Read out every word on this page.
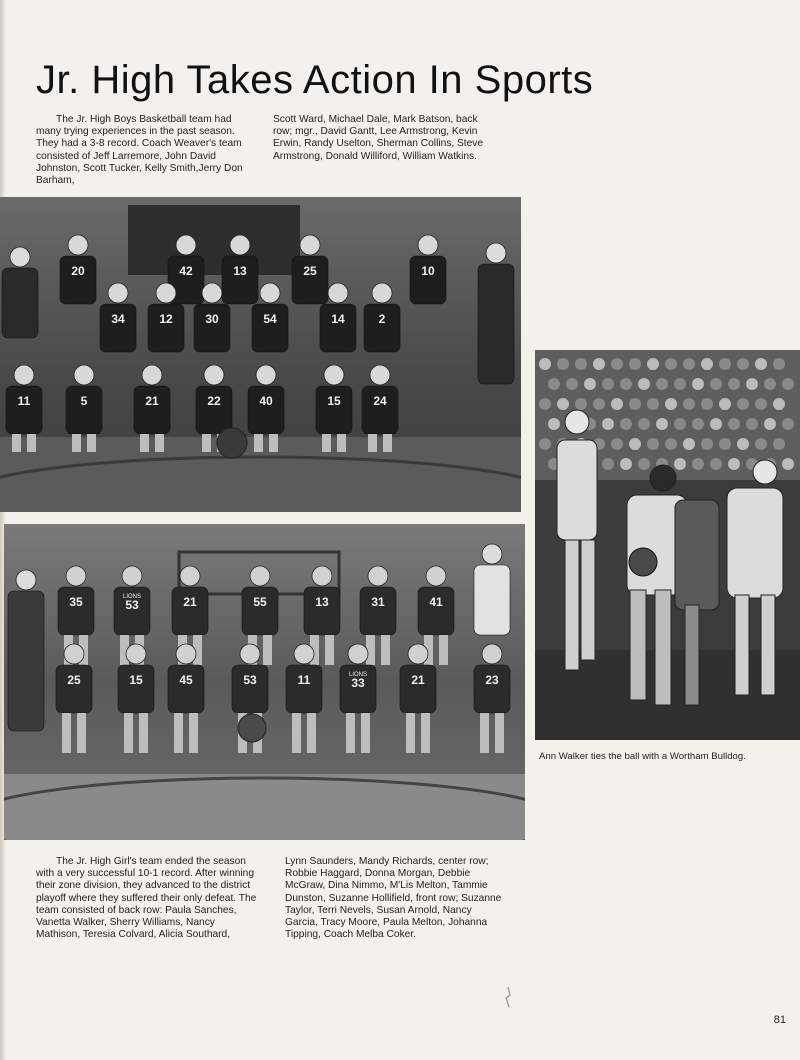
Jr. High Takes Action In Sports

The Jr. High Boys Basketball team had many trying experiences in the past season. They had a 3-8 record. Coach Weaver's team consisted of Jeff Larremore, John David Johnston, Scott Tucker, Kelly Smith,Jerry Don Barham,

Scott Ward, Michael Dale, Mark Batson, back row; mgr., David Gantt, Lee Armstrong, Kevin Erwin, Randy Uselton, Sherman Collins, Steve Armstrong, Donald Williford, William Watkins.

20	42	13	25	10
34	12	30	54	14	2
11	5	21	22	40	15	24
35	LIONS
53	21	55	13	31	41
25	15	45	53	11	LIONS
33	21	23
Ann Walker ties the ball with a Wortham Bulldog.

The Jr. High Girl's team ended the season with a very successful 10-1 record. After winning their zone division, they advanced to the district playoff where they suffered their only defeat. The team consisted of back row: Paula Sanches, Vanetta Walker, Sherry Williams, Nancy Mathison, Teresia Colvard, Alicia Southard,

Lynn Saunders, Mandy Richards, center row; Robbie Haggard, Donna Morgan, Debbie McGraw, Dina Nimmo, M'Lis Melton, Tammie Dunston, Suzanne Hollifield, front row; Suzanne Taylor, Terri Nevels, Susan Arnold, Nancy Garcia, Tracy Moore, Paula Melton, Johanna Tipping, Coach Melba Coker.

81
